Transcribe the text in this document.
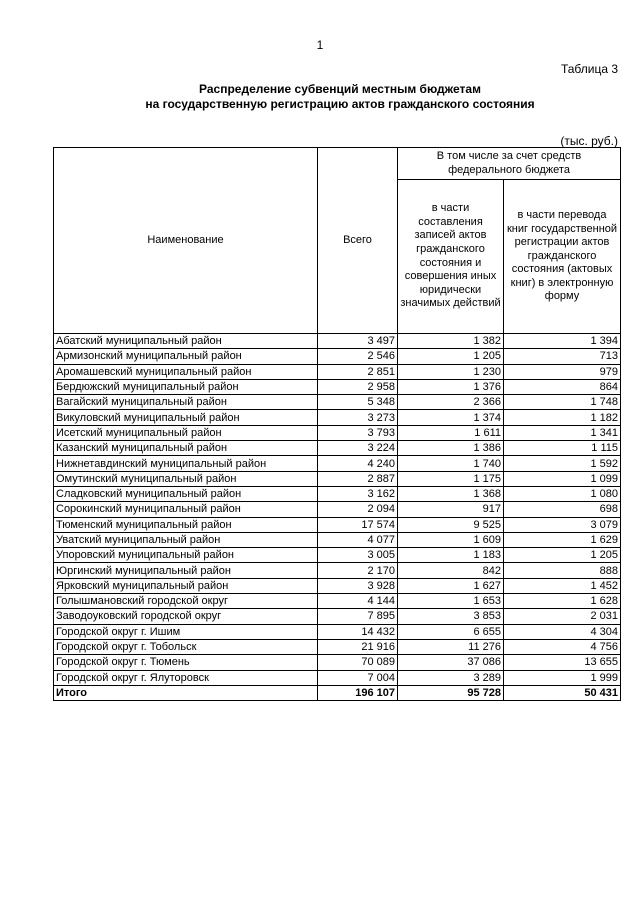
1
Таблица 3
Распределение субвенций местным бюджетам
на государственную регистрацию актов гражданского состояния
(тыс. руб.)
Наименование	Всего	В том числе за счет средств федерального бюджета	
		в части составления записей актов гражданского состояния и совершения иных юридически значимых действий	в части перевода книг государственной регистрации актов гражданского состояния (актовых книг) в электронную форму
Абатский муниципальный район	3 497	1 382	1 394
Армизонский муниципальный район	2 546	1 205	713
Аромашевский муниципальный район	2 851	1 230	979
Бердюжский муниципальный район	2 958	1 376	864
Вагайский муниципальный район	5 348	2 366	1 748
Викуловский муниципальный район	3 273	1 374	1 182
Исетский муниципальный район	3 793	1 611	1 341
Казанский муниципальный район	3 224	1 386	1 115
Нижнетавдинский муниципальный район	4 240	1 740	1 592
Омутинский муниципальный район	2 887	1 175	1 099
Сладковский муниципальный район	3 162	1 368	1 080
Сорокинский муниципальный район	2 094	917	698
Тюменский муниципальный район	17 574	9 525	3 079
Уватский муниципальный район	4 077	1 609	1 629
Упоровский муниципальный район	3 005	1 183	1 205
Юргинский муниципальный район	2 170	842	888
Ярковский муниципальный район	3 928	1 627	1 452
Голышмановский городской округ	4 144	1 653	1 628
Заводоуковский городской округ	7 895	3 853	2 031
Городской округ г. Ишим	14 432	6 655	4 304
Городской округ г. Тобольск	21 916	11 276	4 756
Городской округ г. Тюмень	70 089	37 086	13 655
Городской округ г. Ялуторовск	7 004	3 289	1 999
Итого	196 107	95 728	50 431
